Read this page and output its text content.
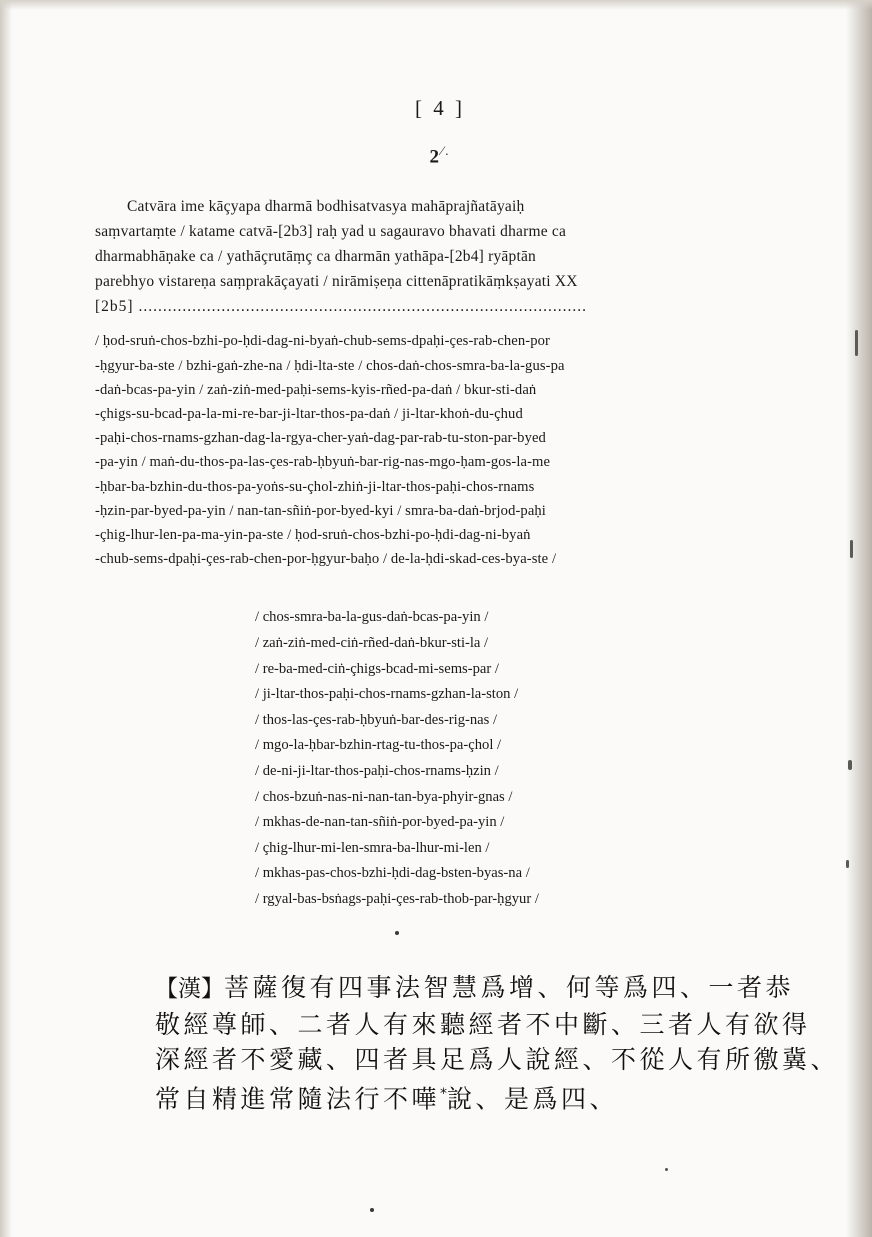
[ 4 ]
2⁄.
Catvāra ime kāçyapa dharmā bodhisatvasya mahāprajñatāyaiḥ
saṃvartaṃte / katame catvā-[2b3] raḥ yad u sagauravo bhavati dharme ca
dharmabhāṇake ca / yathāçrutāṃç ca dharmān yathāpa-[2b4] ryāptān
parebhyo vistareṇa saṃprakāçayati / nirāmiṣeṇa cittenāpratikāṃkṣayati XX
[2b5] ............................................................................................
/ ḥod-sruṅ-chos-bzhi-po-ḥdi-dag-ni-byaṅ-chub-sems-dpaḥi-çes-rab-chen-por
-ḥgyur-ba-ste / bzhi-gaṅ-zhe-na / ḥdi-lta-ste / chos-daṅ-chos-smra-ba-la-gus-pa
-daṅ-bcas-pa-yin / zaṅ-ziṅ-med-paḥi-sems-kyis-rñed-pa-daṅ / bkur-sti-daṅ
-çhigs-su-bcad-pa-la-mi-re-bar-ji-ltar-thos-pa-daṅ / ji-ltar-khoṅ-du-çhud
-paḥi-chos-rnams-gzhan-dag-la-rgya-cher-yaṅ-dag-par-rab-tu-ston-par-byed
-pa-yin / maṅ-du-thos-pa-las-çes-rab-ḥbyuṅ-bar-rig-nas-mgo-ḥam-gos-la-me
-ḥbar-ba-bzhin-du-thos-pa-yoṅs-su-çhol-zhiṅ-ji-ltar-thos-paḥi-chos-rnams
-ḥzin-par-byed-pa-yin / nan-tan-sñiṅ-por-byed-kyi / smra-ba-daṅ-brjod-paḥi
-çhig-lhur-len-pa-ma-yin-pa-ste / ḥod-sruṅ-chos-bzhi-po-ḥdi-dag-ni-byaṅ
-chub-sems-dpaḥi-çes-rab-chen-por-ḥgyur-baḥo / de-la-ḥdi-skad-ces-bya-ste /
/ chos-smra-ba-la-gus-daṅ-bcas-pa-yin /
/ zaṅ-ziṅ-med-ciṅ-rñed-daṅ-bkur-sti-la /
/ re-ba-med-ciṅ-çhigs-bcad-mi-sems-par /
/ ji-ltar-thos-paḥi-chos-rnams-gzhan-la-ston /
/ thos-las-çes-rab-ḥbyuṅ-bar-des-rig-nas /
/ mgo-la-ḥbar-bzhin-rtag-tu-thos-pa-çhol /
/ de-ni-ji-ltar-thos-paḥi-chos-rnams-ḥzin /
/ chos-bzuṅ-nas-ni-nan-tan-bya-phyir-gnas /
/ mkhas-de-nan-tan-sñiṅ-por-byed-pa-yin /
/ çhig-lhur-mi-len-smra-ba-lhur-mi-len /
/ mkhas-pas-chos-bzhi-ḥdi-dag-bsten-byas-na /
/ rgyal-bas-bsṅags-paḥi-çes-rab-thob-par-ḥgyur /
【漢】菩薩復有四事法智慧爲增、何等爲四、一者恭
敬經尊師、二者人有來聽經者不中斷、三者人有欲得
深經者不愛藏、四者具足爲人說經、不從人有所徼冀、
常自精進常隨法行不嘩*說、是爲四、
